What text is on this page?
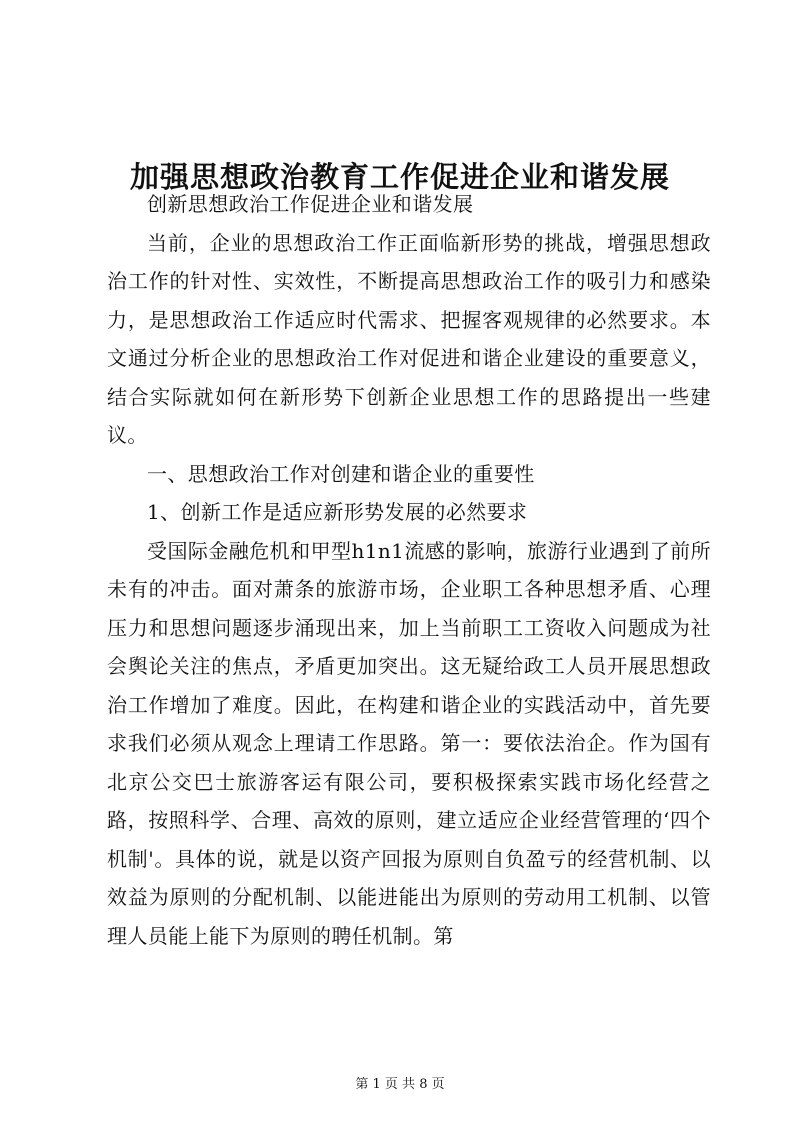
加强思想政治教育工作促进企业和谐发展

创新思想政治工作促进企业和谐发展

当前，企业的思想政治工作正面临新形势的挑战，增强思想政治工作的针对性、实效性，不断提高思想政治工作的吸引力和感染力，是思想政治工作适应时代需求、把握客观规律的必然要求。本文通过分析企业的思想政治工作对促进和谐企业建设的重要意义，结合实际就如何在新形势下创新企业思想工作的思路提出一些建议。

一、思想政治工作对创建和谐企业的重要性

1、创新工作是适应新形势发展的必然要求

受国际金融危机和甲型h1n1流感的影响，旅游行业遇到了前所未有的冲击。面对萧条的旅游市场，企业职工各种思想矛盾、心理压力和思想问题逐步涌现出来，加上当前职工工资收入问题成为社会舆论关注的焦点，矛盾更加突出。这无疑给政工人员开展思想政治工作增加了难度。因此，在构建和谐企业的实践活动中，首先要求我们必须从观念上理请工作思路。第一：要依法治企。作为国有北京公交巴士旅游客运有限公司，要积极探索实践市场化经营之路，按照科学、合理、高效的原则，建立适应企业经营管理的‘四个机制'。具体的说，就是以资产回报为原则自负盈亏的经营机制、以效益为原则的分配机制、以能进能出为原则的劳动用工机制、以管理人员能上能下为原则的聘任机制。第

第 1 页 共 8 页
